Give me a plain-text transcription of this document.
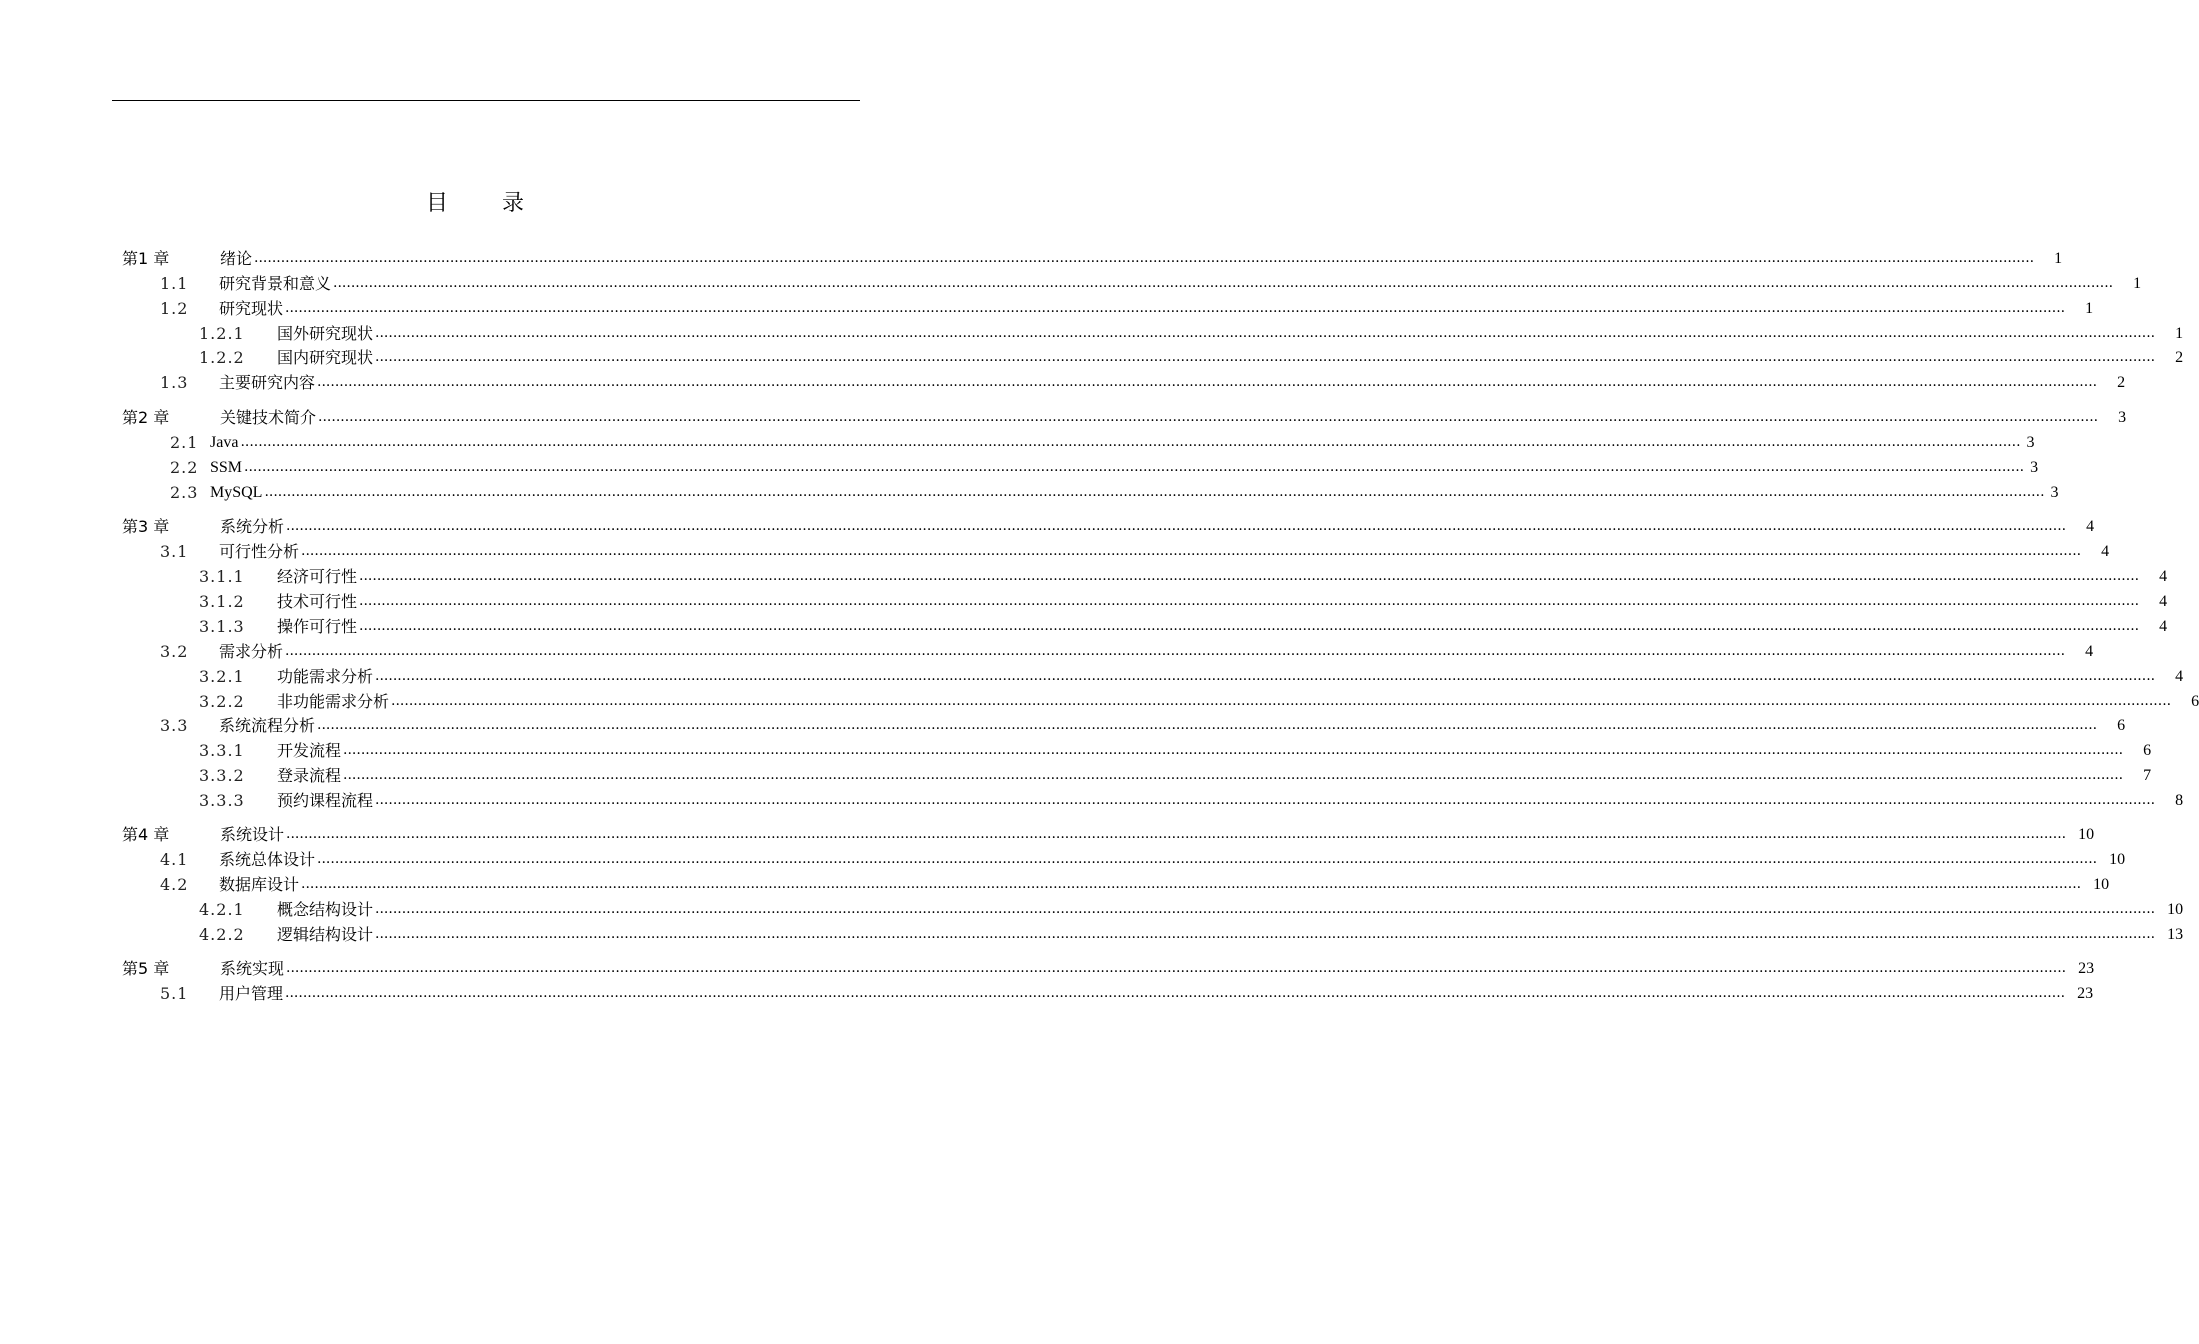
目 录
第1 章	绪论 ................................................................................................................................................................................................................................................................................................................................................................................................................	1
1.1	研究背景和意义 ................................................................................................................................................................................................................................................................................................................................................................................................................	1
1.2	研究现状 ................................................................................................................................................................................................................................................................................................................................................................................................................	1
1.2.1	国外研究现状 ................................................................................................................................................................................................................................................................................................................................................................................................................	1
1.2.2	国内研究现状 ................................................................................................................................................................................................................................................................................................................................................................................................................	2
1.3	主要研究内容 ................................................................................................................................................................................................................................................................................................................................................................................................................	2
第2 章	关键技术简介 ................................................................................................................................................................................................................................................................................................................................................................................................................	3
2.1 Java ................................................................................................................................................................................................................................................................................................................................................................................................................ 3
2.2 SSM ................................................................................................................................................................................................................................................................................................................................................................................................................ 3
2.3 MySQL ................................................................................................................................................................................................................................................................................................................................................................................................................ 3
第3 章	系统分析 ................................................................................................................................................................................................................................................................................................................................................................................................................	4
3.1	可行性分析 ................................................................................................................................................................................................................................................................................................................................................................................................................	4
3.1.1	经济可行性 ................................................................................................................................................................................................................................................................................................................................................................................................................	4
3.1.2	技术可行性 ................................................................................................................................................................................................................................................................................................................................................................................................................	4
3.1.3	操作可行性 ................................................................................................................................................................................................................................................................................................................................................................................................................	4
3.2	需求分析 ................................................................................................................................................................................................................................................................................................................................................................................................................	4
3.2.1	功能需求分析 ................................................................................................................................................................................................................................................................................................................................................................................................................	4
3.2.2	非功能需求分析 ................................................................................................................................................................................................................................................................................................................................................................................................................	6
3.3	系统流程分析 ................................................................................................................................................................................................................................................................................................................................................................................................................	6
3.3.1	开发流程 ................................................................................................................................................................................................................................................................................................................................................................................................................	6
3.3.2	登录流程 ................................................................................................................................................................................................................................................................................................................................................................................................................	7
3.3.3	预约课程流程 ................................................................................................................................................................................................................................................................................................................................................................................................................	8
第4 章	系统设计 ................................................................................................................................................................................................................................................................................................................................................................................................................ 10
4.1	系统总体设计 ................................................................................................................................................................................................................................................................................................................................................................................................................ 10
4.2	数据库设计 ................................................................................................................................................................................................................................................................................................................................................................................................................ 10
4.2.1	概念结构设计 ................................................................................................................................................................................................................................................................................................................................................................................................................ 10
4.2.2	逻辑结构设计 ................................................................................................................................................................................................................................................................................................................................................................................................................ 13
第5 章	系统实现 ................................................................................................................................................................................................................................................................................................................................................................................................................ 23
5.1	用户管理 ................................................................................................................................................................................................................................................................................................................................................................................................................ 23
